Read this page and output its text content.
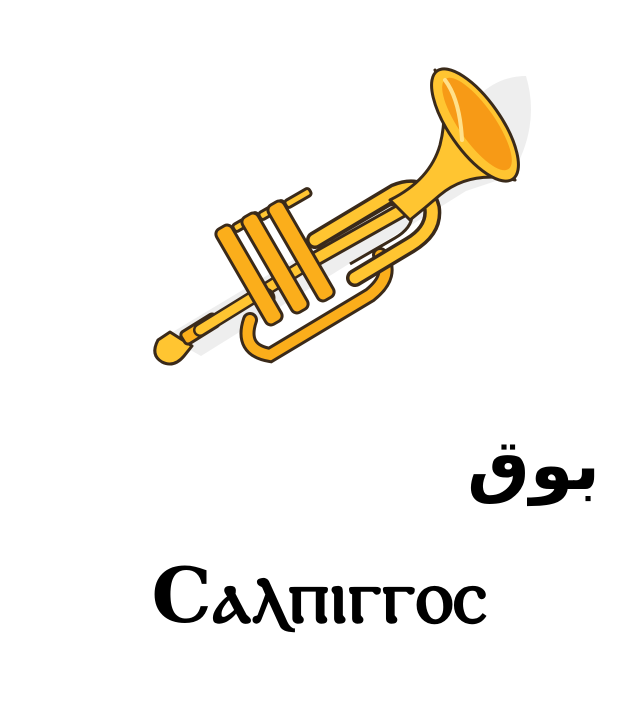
بوق
Cⲁⲗⲡⲓⲅⲅⲟⲥ
